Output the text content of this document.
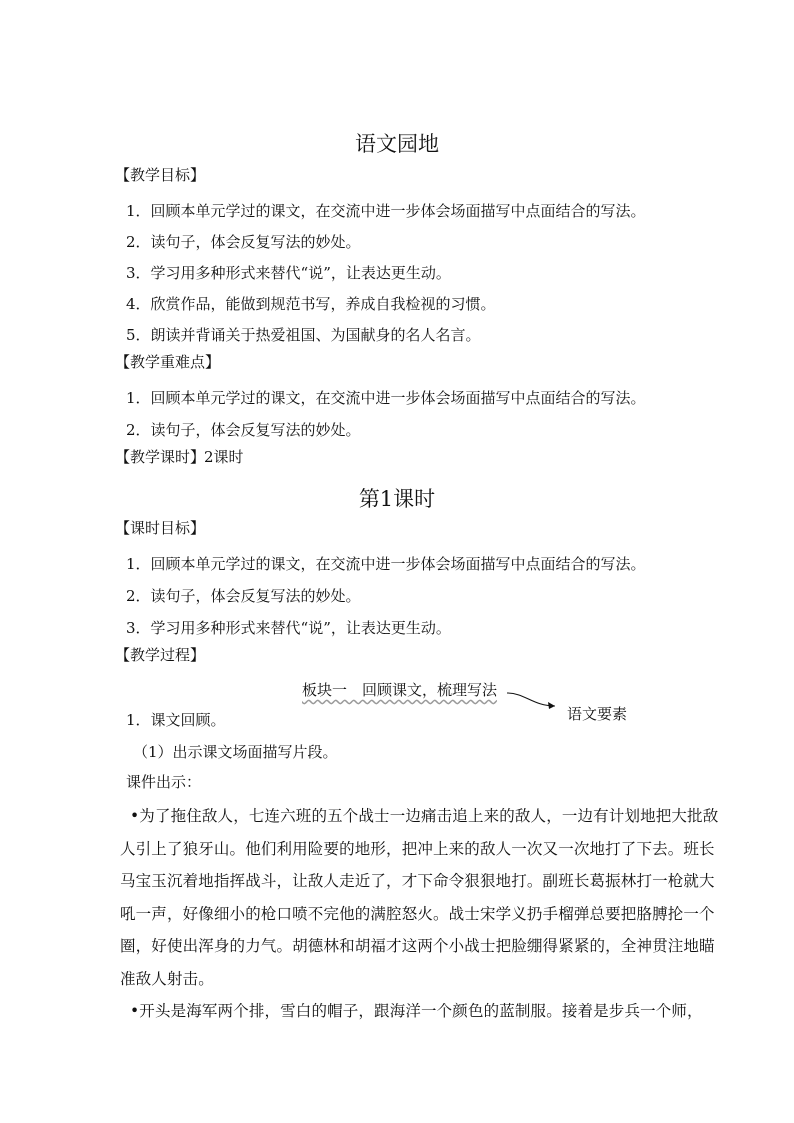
语文园地
【教学目标】
1．回顾本单元学过的课文，在交流中进一步体会场面描写中点面结合的写法。
2．读句子，体会反复写法的妙处。
3．学习用多种形式来替代“说”，让表达更生动。
4．欣赏作品，能做到规范书写，养成自我检视的习惯。
5．朗读并背诵关于热爱祖国、为国献身的名人名言。
【教学重难点】
1．回顾本单元学过的课文，在交流中进一步体会场面描写中点面结合的写法。
2．读句子，体会反复写法的妙处。
【教学课时】
2课时
第1课时
【课时目标】
1．回顾本单元学过的课文，在交流中进一步体会场面描写中点面结合的写法。
2．读句子，体会反复写法的妙处。
3．学习用多种形式来替代“说”，让表达更生动。
【教学过程】
板块一　回顾课文，梳理写法
语文要素
1．课文回顾。
（1）出示课文场面描写片段。
课件出示：
•为了拖住敌人，七连六班的五个战士一边痛击追上来的敌人，一边有计划地把大批敌人引上了狼牙山。他们利用险要的地形，把冲上来的敌人一次又一次地打了下去。班长马宝玉沉着地指挥战斗，让敌人走近了，才下命令狠狠地打。副班长葛振林打一枪就大吼一声，好像细小的枪口喷不完他的满腔怒火。战士宋学义扔手榴弹总要把胳膊抡一个圈，好使出浑身的力气。胡德林和胡福才这两个小战士把脸绷得紧紧的，全神贯注地瞄准敌人射击。
•开头是海军两个排，雪白的帽子，跟海洋一个颜色的蓝制服。接着是步兵一个师，
